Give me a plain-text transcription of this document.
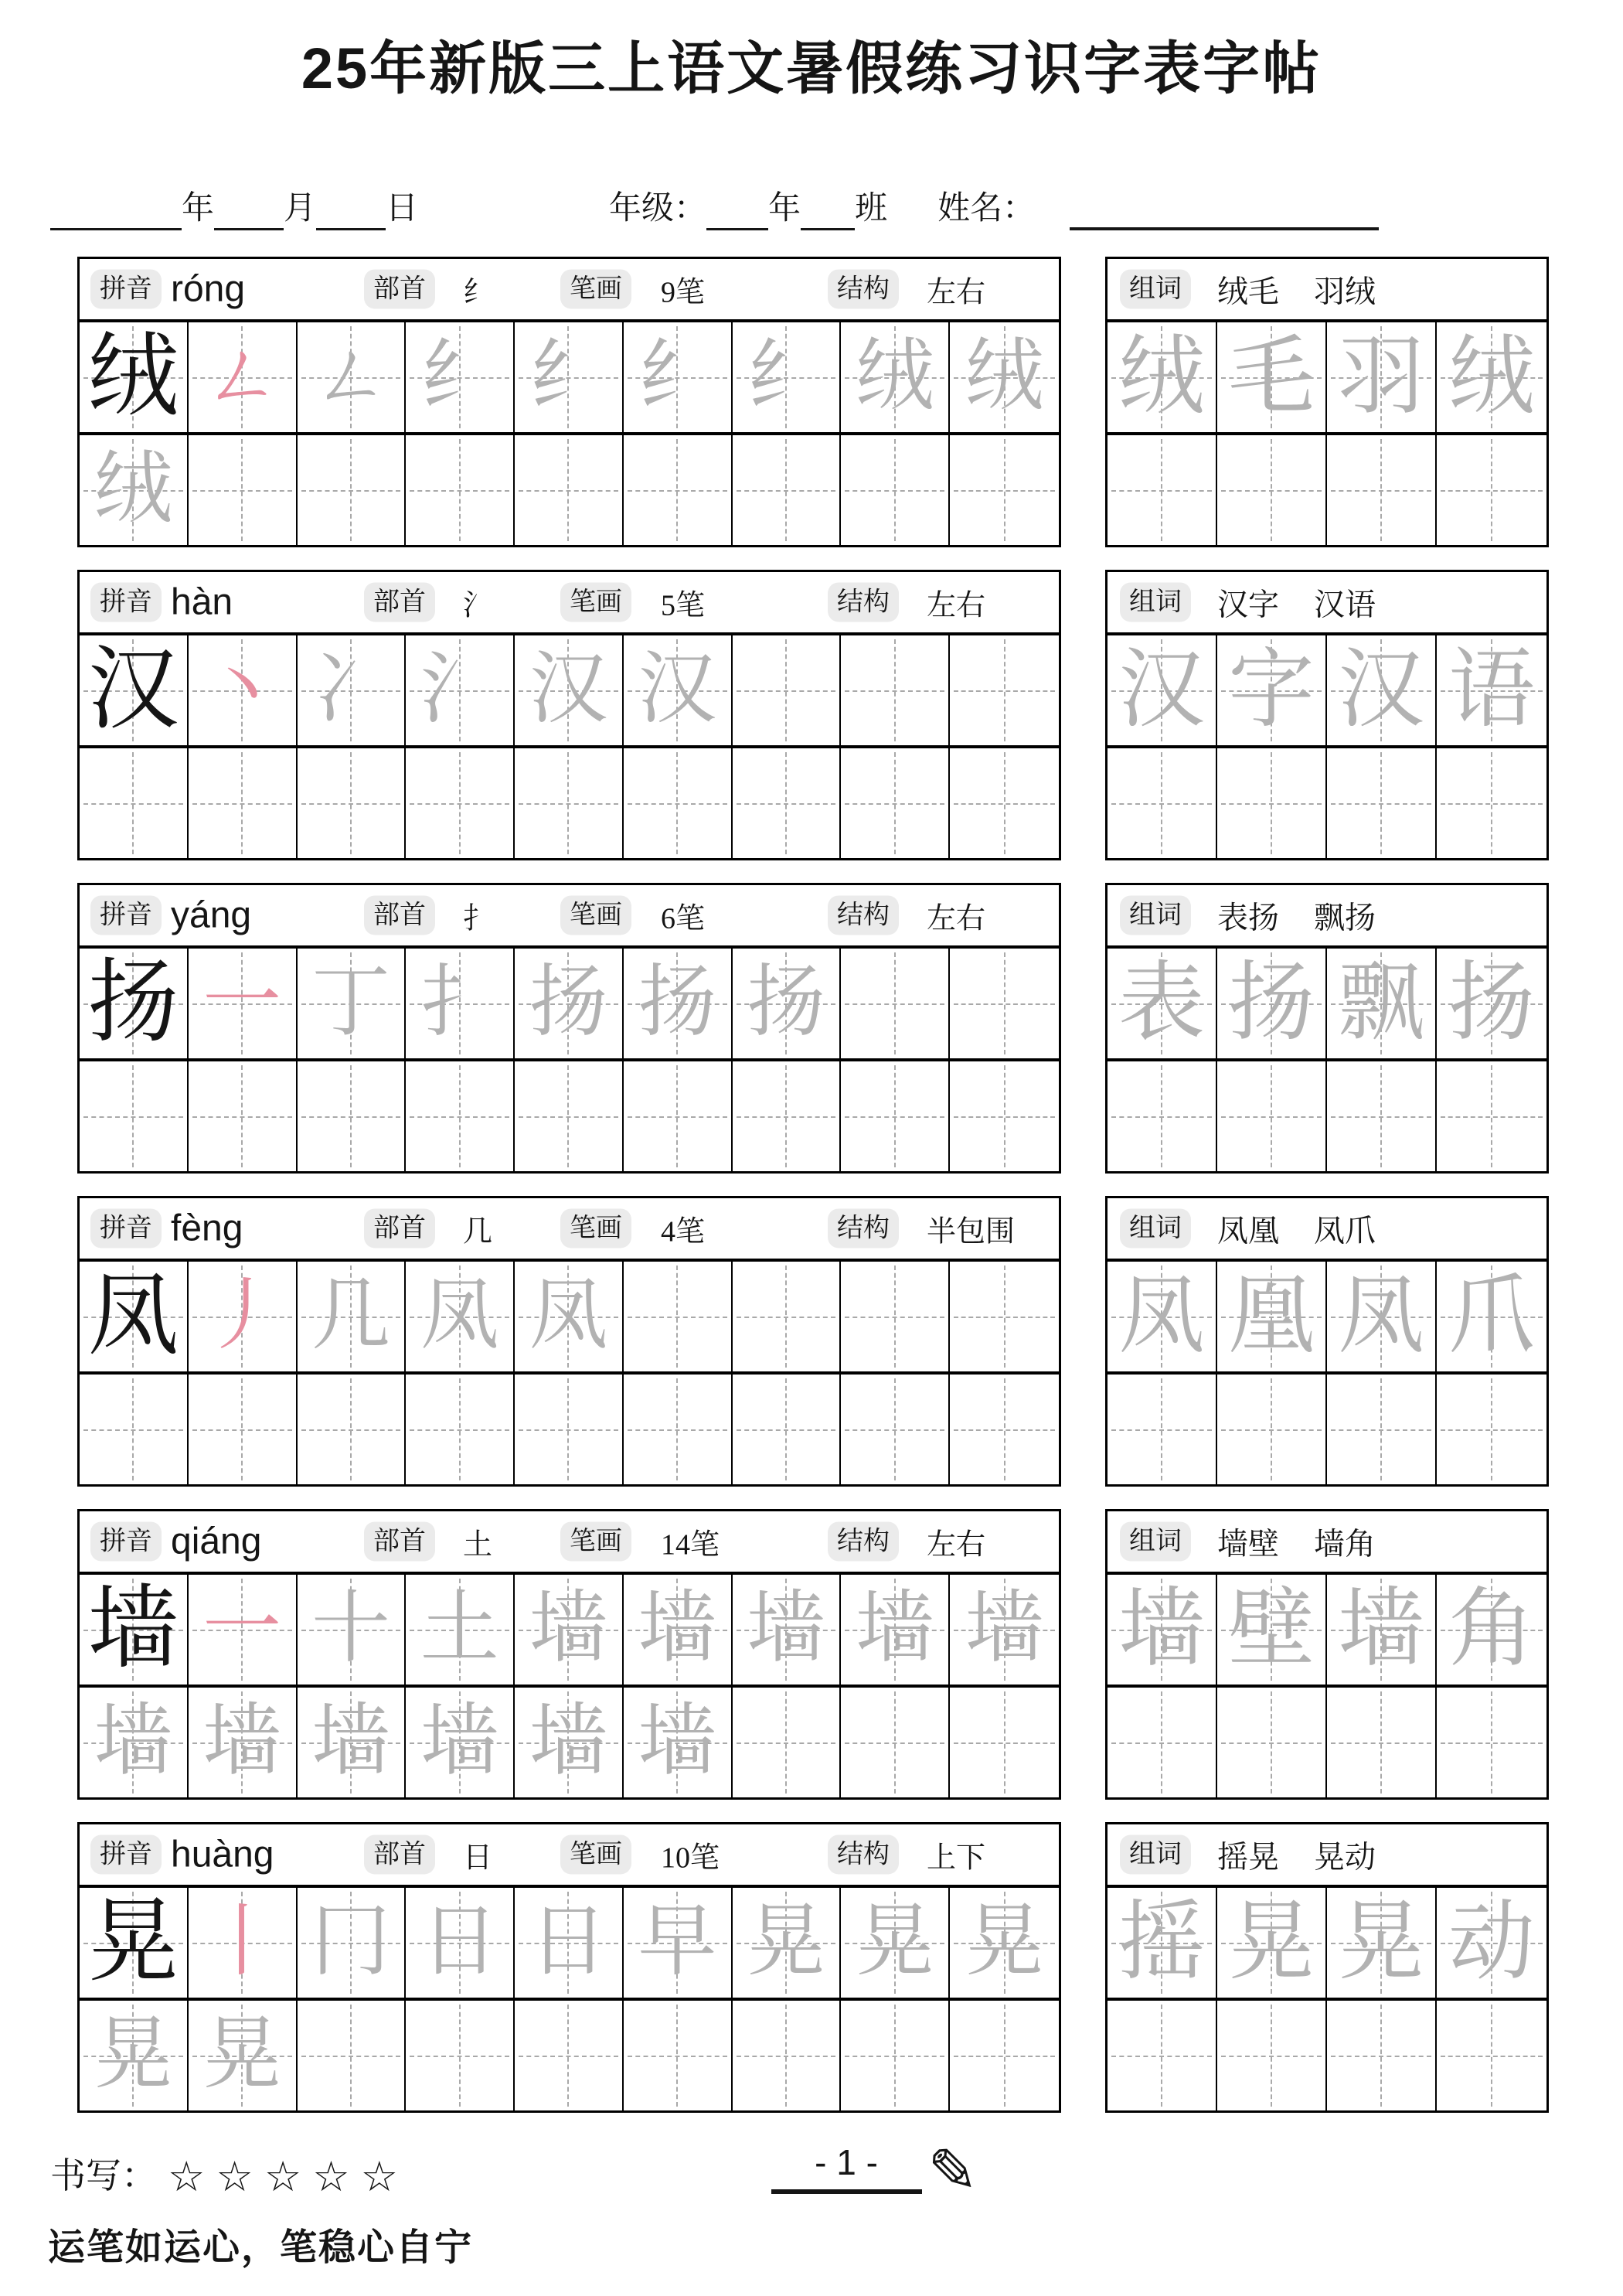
25年新版三上语文暑假练习识字表字帖
年 月 日	年级： 年 班 姓名：
拼音 róng	部首	纟	笔画	9笔	结构	左右
绒 ㄥ ㄥ 纟 纟 纟 纟 绒 绒
绒
组词	绒毛 羽绒
绒 毛 羽 绒
拼音 hàn	部首	氵	笔画	5笔	结构	左右
汉 丶 冫 氵 汉 汉
组词	汉字 汉语
汉 字 汉 语
拼音 yáng	部首	扌	笔画	6笔	结构	左右
扬 一 丁 扌 扬 扬 扬
组词	表扬 飘扬
表 扬 飘 扬
拼音 fèng	部首	几	笔画	4笔	结构	半包围
凤 丿 几 凤 凤
组词	凤凰 凤爪
凤 凰 凤 爪
拼音 qiáng	部首	土	笔画	14笔	结构	左右
墙 一 十 土 墙 墙 墙 墙 墙
墙 墙 墙 墙 墙 墙
组词	墙壁 墙角
墙 壁 墙 角
拼音 huàng	部首	日	笔画	10笔	结构	上下
晃 丨 冂 日 日 早 晃 晃 晃
晃 晃
组词	摇晃 晃动
摇 晃 晃 动
书写： ☆☆☆☆☆	- 1 - ✎
运笔如运心，笔稳心自宁
